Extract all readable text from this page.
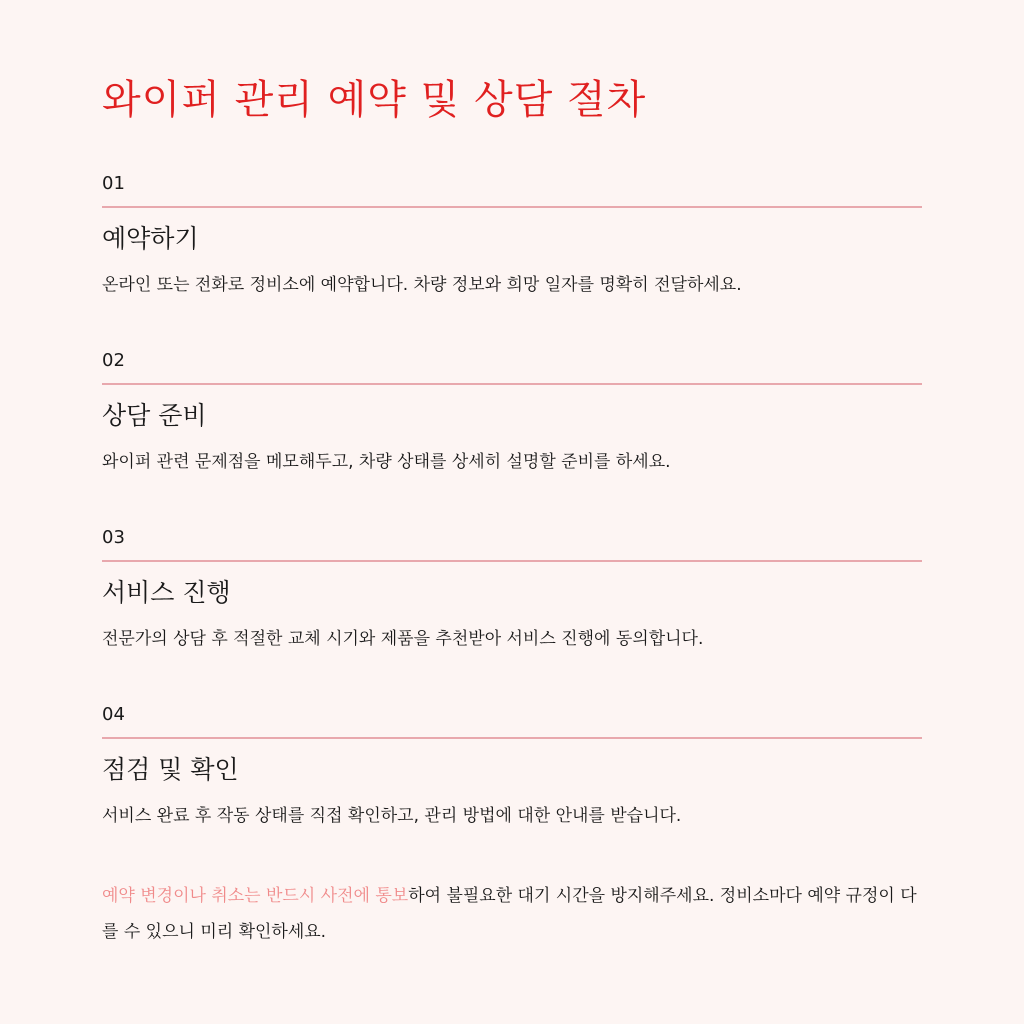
와이퍼 관리 예약 및 상담 절차
01
예약하기
온라인 또는 전화로 정비소에 예약합니다. 차량 정보와 희망 일자를 명확히 전달하세요.
02
상담 준비
와이퍼 관련 문제점을 메모해두고, 차량 상태를 상세히 설명할 준비를 하세요.
03
서비스 진행
전문가의 상담 후 적절한 교체 시기와 제품을 추천받아 서비스 진행에 동의합니다.
04
점검 및 확인
서비스 완료 후 작동 상태를 직접 확인하고, 관리 방법에 대한 안내를 받습니다.
예약 변경이나 취소는 반드시 사전에 통보하여 불필요한 대기 시간을 방지해주세요. 정비소마다 예약 규정이 다를 수 있으니 미리 확인하세요.
